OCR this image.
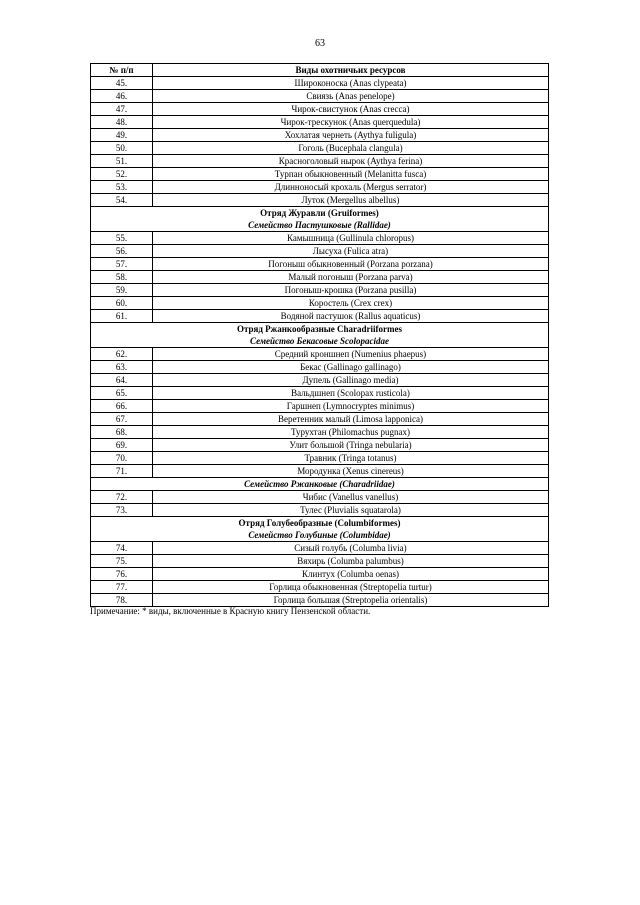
63
№ п/п	Виды охотничьих ресурсов
45.	Широконоска (Anas clypeata)
46.	Свиязь (Anas penelope)
47.	Чирок-свистунок (Anas crecca)
48.	Чирок-трескунок (Anas querquedula)
49.	Хохлатая чернеть (Aythya fuligula)
50.	Гоголь (Bucephala clangula)
51.	Красноголовый нырок (Aythya ferina)
52.	Турпан обыкновенный (Melanitta fusca)
53.	Длинноносый крохаль (Mergus serrator)
54.	Луток (Mergellus albellus)
Отряд Журавли (Gruiformes)	
Семейство Пастушковые (Rallidae)	
55.	Камышница (Gullinula chloropus)
56.	Лысуха (Fulica atra)
57.	Погоныш обыкновенный (Porzana porzana)
58.	Малый погоныш (Porzana parva)
59.	Погоныш-крошка (Porzana pusilla)
60.	Коростель (Crex crex)
61.	Водяной пастушок (Rallus aquaticus)
Отряд Ржанкообразные Charadriiformes	
Семейство Бекасовые Scolopacidae	
62.	Средний кроншнеп (Numenius phaepus)
63.	Бекас (Gallinago gallinago)
64.	Дупель (Gallinago media)
65.	Вальдшнеп (Scolopax rusticola)
66.	Гаршнеп (Lymnocryptes minimus)
67.	Веретенник малый (Limosa lapponica)
68.	Турухтан (Philomachus pugnax)
69.	Улит большой (Tringa nebularia)
70.	Травник (Tringa totanus)
71.	Мородунка (Xenus cinereus)
Семейство Ржанковые (Charadriidae)	
72.	Чибис (Vanellus vanellus)
73.	Тулес (Pluvialis squatarola)
Отряд Голубеобразные (Columbiformes)	
Семейство Голубиные (Columbidae)	
74.	Сизый голубь (Columba livia)
75.	Вяхирь (Columba palumbus)
76.	Клинтух (Columba oenas)
77.	Горлица обыкновенная (Streptopelia turtur)
78.	Горлица большая (Streptopelia orientalis)
Примечание: * виды, включенные в Красную книгу Пензенской области.
